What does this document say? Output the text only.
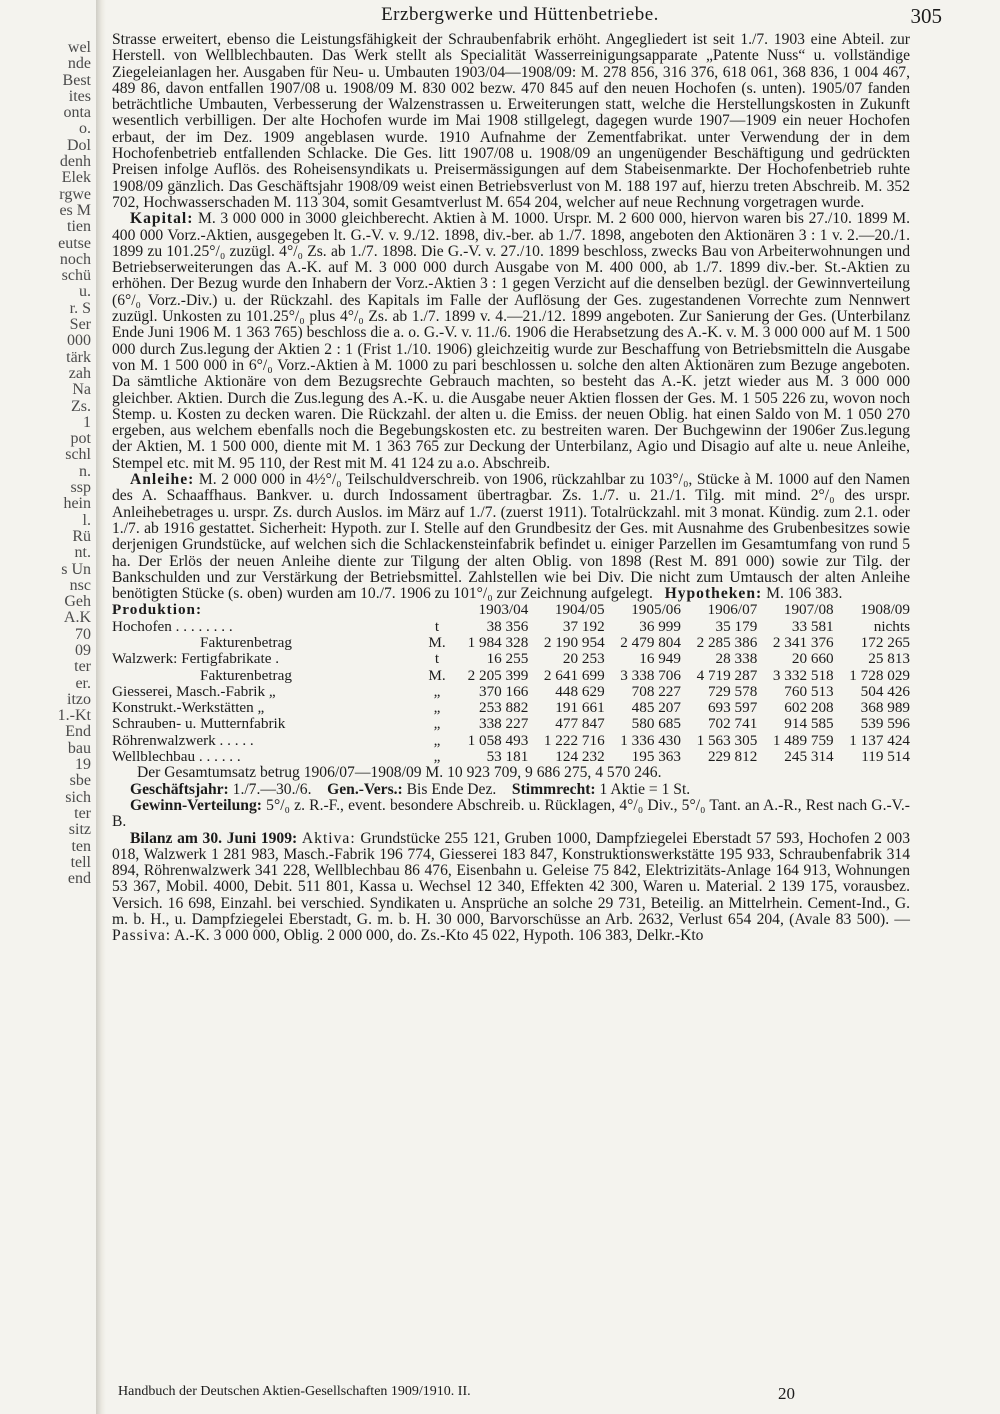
Erzbergwerke und Hüttenbetriebe.	305
wel
nde
Best
ites
onta
o.
Dol
denh
Elek
rgwe
es M
tien
eutse
noch
schü
u.
r. S
Ser
000
tärk
zah
Na
Zs.
1
pot
schl
n.
ssp
hein
l.
Rü
nt.
s Un
nsc
Geh
A.K
70
09
ter
er.
itzo
1.-Kt
End
bau
19
sbe
sich
ter
sitz
ten
tell
end

Strasse erweitert, ebenso die Leistungsfähigkeit der Schraubenfabrik erhöht. Angegliedert ist seit 1./7. 1903 eine Abteil. zur Herstell. von Wellblechbauten. Das Werk stellt als Specialität Wasserreinigungsapparate „Patente Nuss“ u. vollständige Ziegeleianlagen her. Ausgaben für Neu- u. Umbauten 1903/04—1908/09: M. 278 856, 316 376, 618 061, 368 836, 1 004 467, 489 86, davon entfallen 1907/08 u. 1908/09 M. 830 002 bezw. 470 845 auf den neuen Hochofen (s. unten). 1905/07 fanden beträchtliche Umbauten, Verbesserung der Walzenstrassen u. Erweiterungen statt, welche die Herstellungskosten in Zukunft wesentlich verbilligen. Der alte Hochofen wurde im Mai 1908 stillgelegt, dagegen wurde 1907—1909 ein neuer Hochofen erbaut, der im Dez. 1909 angeblasen wurde. 1910 Aufnahme der Zementfabrikat. unter Verwendung der in dem Hochofenbetrieb entfallenden Schlacke. Die Ges. litt 1907/08 u. 1908/09 an ungenügender Beschäftigung und gedrückten Preisen infolge Auflös. des Roheisensyndikats u. Preisermässigungen auf dem Stabeisenmarkte. Der Hochofenbetrieb ruhte 1908/09 gänzlich. Das Geschäftsjahr 1908/09 weist einen Betriebsverlust von M. 188 197 auf, hierzu treten Abschreib. M. 352 702, Hochwasserschaden M. 113 304, somit Gesamtverlust M. 654 204, welcher auf neue Rechnung vorgetragen wurde.

Kapital: M. 3 000 000 in 3000 gleichberecht. Aktien à M. 1000. Urspr. M. 2 600 000, hiervon waren bis 27./10. 1899 M. 400 000 Vorz.-Aktien, ausgegeben lt. G.-V. v. 9./12. 1898, div.-ber. ab 1./7. 1898, angeboten den Aktionären 3 : 1 v. 2.—20./1. 1899 zu 101.25°/₀ zuzügl. 4°/₀ Zs. ab 1./7. 1898. Die G.-V. v. 27./10. 1899 beschloss, zwecks Bau von Arbeiterwohnungen und Betriebserweiterungen das A.-K. auf M. 3 000 000 durch Ausgabe von M. 400 000, ab 1./7. 1899 div.-ber. St.-Aktien zu erhöhen. Der Bezug wurde den Inhabern der Vorz.-Aktien 3 : 1 gegen Verzicht auf die denselben bezügl. der Gewinnverteilung (6°/₀ Vorz.-Div.) u. der Rückzahl. des Kapitals im Falle der Auflösung der Ges. zugestandenen Vorrechte zum Nennwert zuzügl. Unkosten zu 101.25°/₀ plus 4°/₀ Zs. ab 1./7. 1899 v. 4.—21./12. 1899 angeboten. Zur Sanierung der Ges. (Unterbilanz Ende Juni 1906 M. 1 363 765) beschloss die a. o. G.-V. v. 11./6. 1906 die Herabsetzung des A.-K. v. M. 3 000 000 auf M. 1 500 000 durch Zus.legung der Aktien 2 : 1 (Frist 1./10. 1906) gleichzeitig wurde zur Beschaffung von Betriebsmitteln die Ausgabe von M. 1 500 000 in 6°/₀ Vorz.-Aktien à M. 1000 zu pari beschlossen u. solche den alten Aktionären zum Bezuge angeboten. Da sämtliche Aktionäre von dem Bezugsrechte Gebrauch machten, so besteht das A.-K. jetzt wieder aus M. 3 000 000 gleichber. Aktien. Durch die Zus.legung des A.-K. u. die Ausgabe neuer Aktien flossen der Ges. M. 1 505 226 zu, wovon noch Stemp. u. Kosten zu decken waren. Die Rückzahl. der alten u. die Emiss. der neuen Oblig. hat einen Saldo von M. 1 050 270 ergeben, aus welchem ebenfalls noch die Begebungskosten etc. zu bestreiten waren. Der Buchgewinn der 1906er Zus.legung der Aktien, M. 1 500 000, diente mit M. 1 363 765 zur Deckung der Unterbilanz, Agio und Disagio auf alte u. neue Anleihe, Stempel etc. mit M. 95 110, der Rest mit M. 41 124 zu a.o. Abschreib.

Anleihe: M. 2 000 000 in 4½°/₀ Teilschuldverschreib. von 1906, rückzahlbar zu 103°/₀, Stücke à M. 1000 auf den Namen des A. Schaaffhaus. Bankver. u. durch Indossament übertragbar. Zs. 1./7. u. 21./1. Tilg. mit mind. 2°/₀ des urspr. Anleihebetrages u. urspr. Zs. durch Auslos. im März auf 1./7. (zuerst 1911). Totalrückzahl. mit 3 monat. Kündig. zum 2.1. oder 1./7. ab 1916 gestattet. Sicherheit: Hypoth. zur I. Stelle auf den Grundbesitz der Ges. mit Ausnahme des Grubenbesitzes sowie derjenigen Grundstücke, auf welchen sich die Schlackensteinfabrik befindet u. einiger Parzellen im Gesamtumfang von rund 5 ha. Der Erlös der neuen Anleihe diente zur Tilgung der alten Oblig. von 1898 (Rest M. 891 000) sowie zur Tilg. der Bankschulden und zur Verstärkung der Betriebsmittel. Zahlstellen wie bei Div. Die nicht zum Umtausch der alten Anleihe benötigten Stücke (s. oben) wurden am 10./7. 1906 zu 101°/₀ zur Zeichnung aufgelegt. Hypotheken: M. 106 383.

Produktion:		1903/04	1904/05	1905/06	1906/07	1907/08	1908/09
Hochofen . . . . . . . .	t	38 356	37 192	36 999	35 179	33 581	nichts
Fakturenbetrag	M.	1 984 328	2 190 954	2 479 804	2 285 386	2 341 376	172 265
Walzwerk: Fertigfabrikate .	t	16 255	20 253	16 949	28 338	20 660	25 813
Fakturenbetrag	M.	2 205 399	2 641 699	3 338 706	4 719 287	3 332 518	1 728 029
Giesserei, Masch.-Fabrik „	„	370 166	448 629	708 227	729 578	760 513	504 426
Konstrukt.-Werkstätten „	„	253 882	191 661	485 207	693 597	602 208	368 989
Schrauben- u. Mutternfabrik	„	338 227	477 847	580 685	702 741	914 585	539 596
Röhrenwalzwerk . . . . .	„	1 058 493	1 222 716	1 336 430	1 563 305	1 489 759	1 137 424
Wellblechbau . . . . . .	„	53 181	124 232	195 363	229 812	245 314	119 514

Der Gesamtumsatz betrug 1906/07—1908/09 M. 10 923 709, 9 686 275, 4 570 246.

Geschäftsjahr: 1./7.—30./6. Gen.-Vers.: Bis Ende Dez. Stimmrecht: 1 Aktie = 1 St.

Gewinn-Verteilung: 5°/₀ z. R.-F., event. besondere Abschreib. u. Rücklagen, 4°/₀ Div., 5°/₀ Tant. an A.-R., Rest nach G.-V.-B.

Bilanz am 30. Juni 1909: Aktiva: Grundstücke 255 121, Gruben 1000, Dampfziegelei Eberstadt 57 593, Hochofen 2 003 018, Walzwerk 1 281 983, Masch.-Fabrik 196 774, Giesserei 183 847, Konstruktionswerkstätte 195 933, Schraubenfabrik 314 894, Röhrenwalzwerk 341 228, Wellblechbau 86 476, Eisenbahn u. Geleise 75 842, Elektrizitäts-Anlage 164 913, Wohnungen 53 367, Mobil. 4000, Debit. 511 801, Kassa u. Wechsel 12 340, Effekten 42 300, Waren u. Material. 2 139 175, vorausbez. Versich. 16 698, Einzahl. bei verschied. Syndikaten u. Ansprüche an solche 29 731, Beteilig. an Mittelrhein. Cement-Ind., G. m. b. H., u. Dampfziegelei Eberstadt, G. m. b. H. 30 000, Barvorschüsse an Arb. 2632, Verlust 654 204, (Avale 83 500). — Passiva: A.-K. 3 000 000, Oblig. 2 000 000, do. Zs.-Kto 45 022, Hypoth. 106 383, Delkr.-Kto

Handbuch der Deutschen Aktien-Gesellschaften 1909/1910. II.	20
